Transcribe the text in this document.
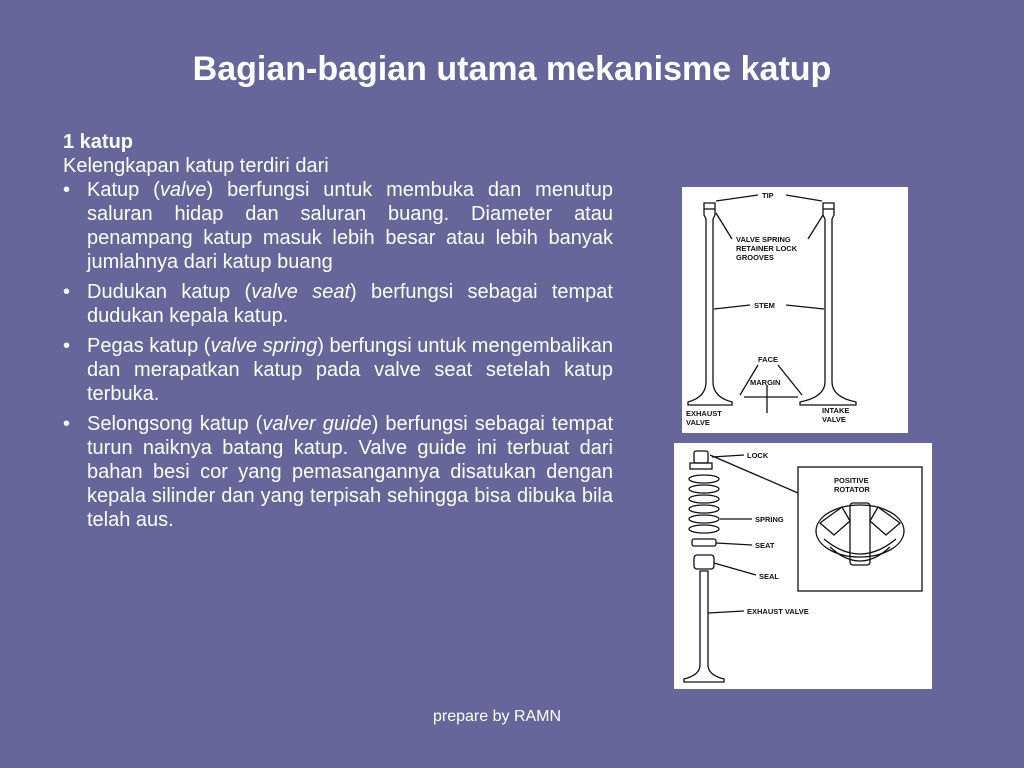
Bagian-bagian utama mekanisme katup
1 katup
Kelengkapan katup terdiri dari
• Katup (valve) berfungsi untuk membuka dan menutup saluran hidap dan saluran buang. Diameter atau penampang katup masuk lebih besar atau lebih banyak jumlahnya dari katup buang
• Dudukan katup (valve seat) berfungsi sebagai tempat dudukan kepala katup.
• Pegas katup (valve spring) berfungsi untuk mengembalikan dan merapatkan katup pada valve seat setelah katup terbuka.
• Selongsong katup (valver guide) berfungsi sebagai tempat turun naiknya batang katup. Valve guide ini terbuat dari bahan besi cor yang pemasangannya disatukan dengan kepala silinder dan yang terpisah sehingga bisa dibuka bila telah aus.
TIP
VALVE SPRING
RETAINER LOCK
GROOVES
STEM
FACE
MARGIN
EXHAUST
VALVE
INTAKE
VALVE
LOCK
POSITIVE
ROTATOR
SPRING
SEAT
SEAL
EXHAUST VALVE
prepare by RAMN
